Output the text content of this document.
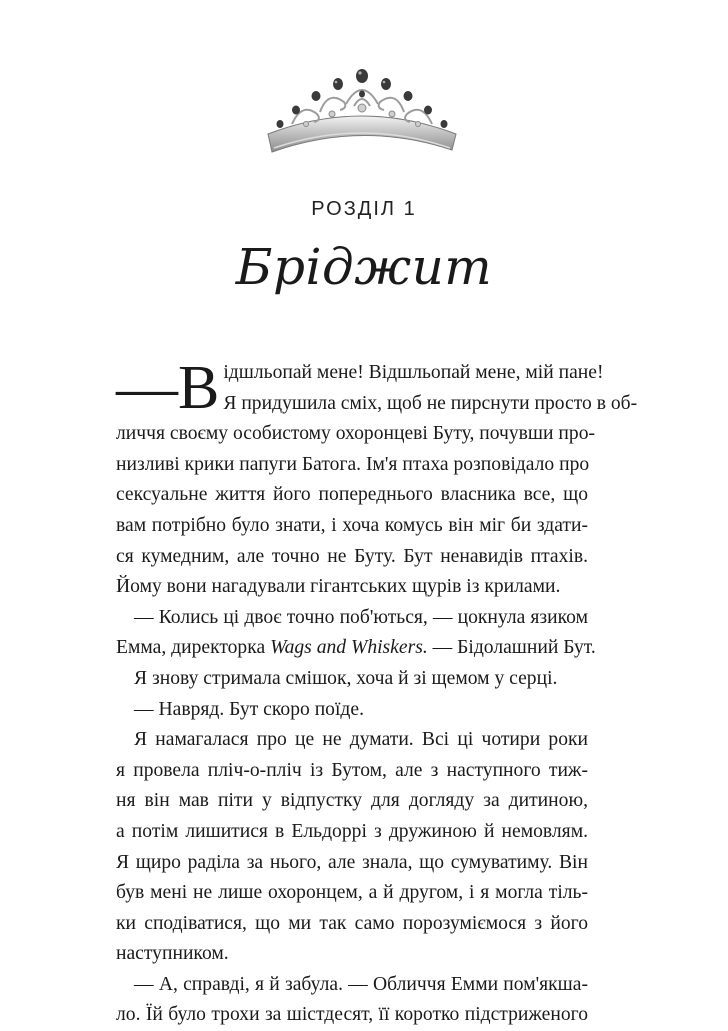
РОЗДІЛ 1
Бріджит

—В ідшльопай мене! Відшльопай мене, мій пане!
Я придушила сміх, щоб не пирснути просто в об-
личчя своєму особистому охоронцеві Буту, почувши про-
низливі крики папуги Батога. Ім'я птаха розповідало про
сексуальне життя його попереднього власника все, що
вам потрібно було знати, і хоча комусь він міг би здати-
ся кумедним, але точно не Буту. Бут ненавидів птахів.
Йому вони нагадували гігантських щурів із крилами.

— Колись ці двоє точно поб'ються, — цокнула язиком
Емма, директорка Wags and Whiskers. — Бідолашний Бут.

Я знову стримала смішок, хоча й зі щемом у серці.

— Навряд. Бут скоро поїде.

Я намагалася про це не думати. Всі ці чотири роки
я провела пліч-о-пліч із Бутом, але з наступного тиж-
ня він мав піти у відпустку для догляду за дитиною,
а потім лишитися в Ельдоррі з дружиною й немовлям.
Я щиро раділа за нього, але знала, що сумуватиму. Він
був мені не лише охоронцем, а й другом, і я могла тіль-
ки сподіватися, що ми так само порозуміємося з його
наступником.

— А, справді, я й забула. — Обличчя Емми пом'якша-
ло. Їй було трохи за шістдесят, її коротко підстриженого
